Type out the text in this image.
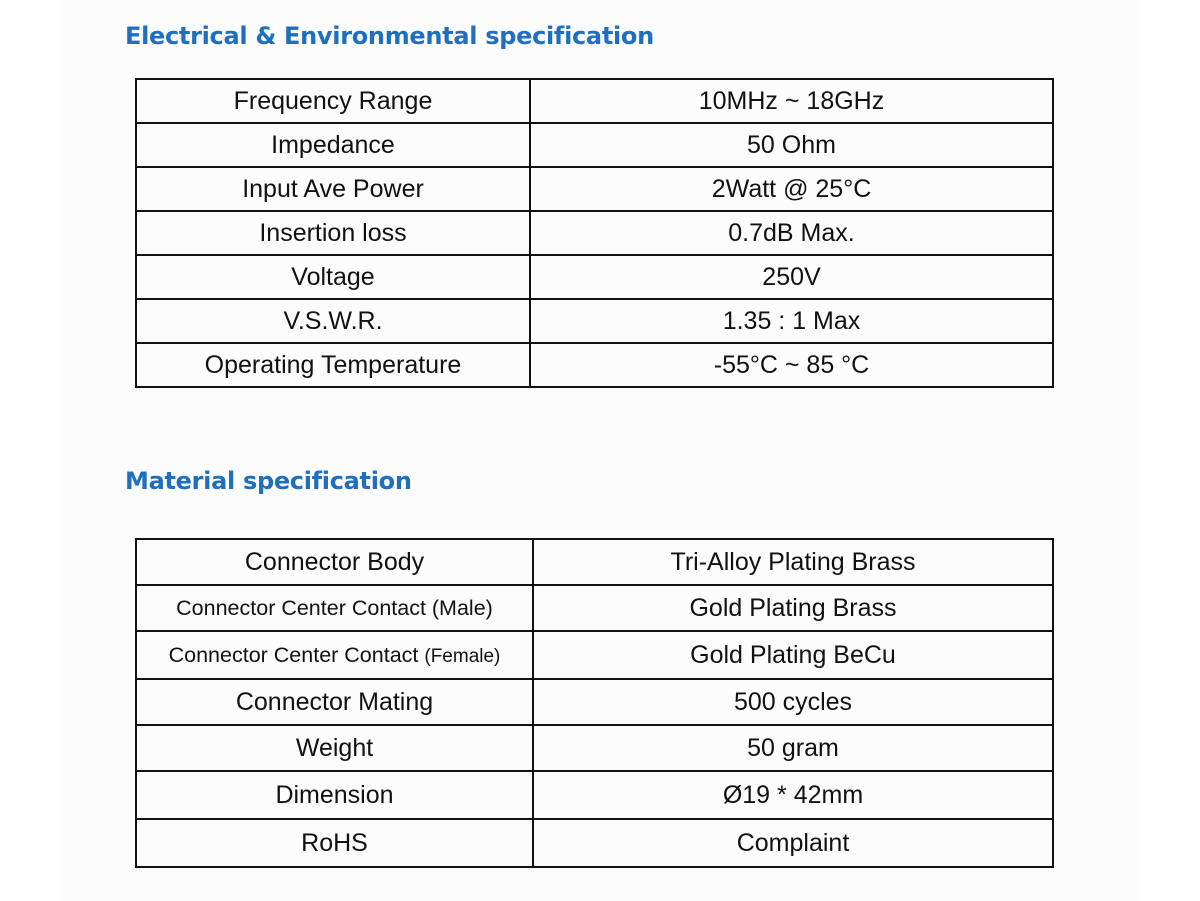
Electrical & Environmental specification
Frequency Range	10MHz ~ 18GHz
Impedance	50 Ohm
Input Ave Power	2Watt @ 25°C
Insertion loss	0.7dB Max.
Voltage	250V
V.S.W.R.	1.35 : 1 Max
Operating Temperature	-55°C ~ 85 °C
Material specification
Connector Body	Tri-Alloy Plating Brass
Connector Center Contact (Male)	Gold Plating Brass
Connector Center Contact (Female)	Gold Plating BeCu
Connector Mating	500 cycles
Weight	50 gram
Dimension	Ø19 * 42mm
RoHS	Complaint
